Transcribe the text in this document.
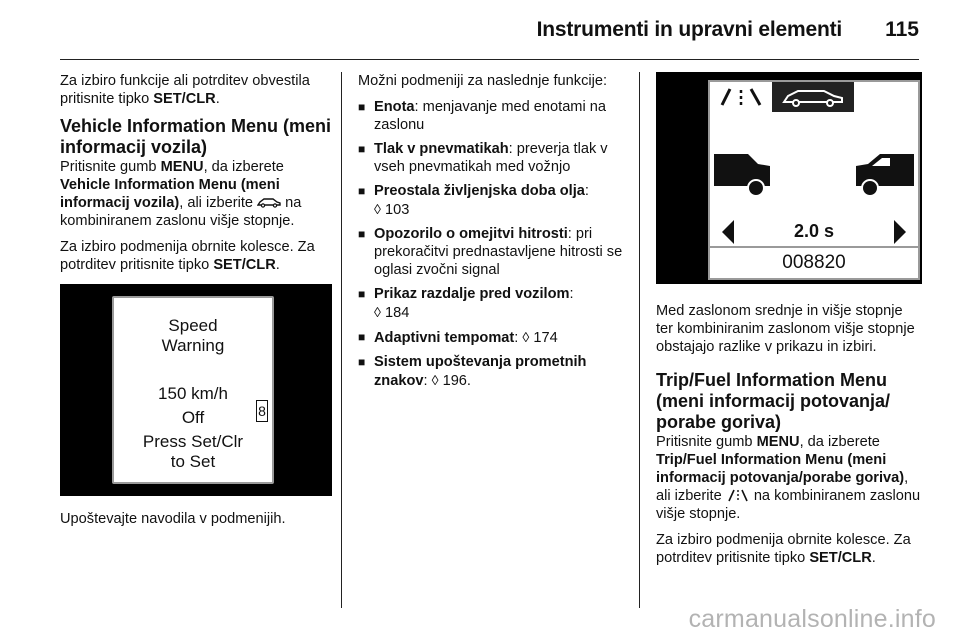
Instrumenti in upravni elementi 115

Za izbiro funkcije ali potrditev obvestila pritisnite tipko SET/CLR.

Vehicle Information Menu (meni informacij vozila)

Pritisnite gumb MENU, da izberete Vehicle Information Menu (meni informacij vozila), ali izberite  na kombiniranem zaslonu višje stopnje.

Za izbiro podmenija obrnite kolesce. Za potrditev pritisnite tipko SET/CLR.

Speed
Warning
150 km/h
Off
Press Set/Clr
to Set
8

Upoštevajte navodila v podmenijih.

Možni podmeniji za naslednje funkcije:

■ Enota: menjavanje med enotami na zaslonu
■ Tlak v pnevmatikah: preverja tlak v vseh pnevmatikah med vožnjo
■ Preostala življenjska doba olja:
◊ 103
■ Opozorilo o omejitvi hitrosti: pri prekoračitvi prednastavljene hitrosti se oglasi zvočni signal
■ Prikaz razdalje pred vozilom:
◊ 184
■ Adaptivni tempomat: ◊ 174
■ Sistem upoštevanja prometnih znakov: ◊ 196.
2.0 s
008820

Med zaslonom srednje in višje stopnje ter kombiniranim zaslonom višje stopnje obstajajo razlike v prikazu in izbiri.

Trip/Fuel Information Menu (meni informacij potovanja/ porabe goriva)

Pritisnite gumb MENU, da izberete Trip/Fuel Information Menu (meni informacij potovanja/porabe goriva), ali izberite  na kombiniranem zaslonu višje stopnje.

Za izbiro podmenija obrnite kolesce. Za potrditev pritisnite tipko SET/CLR.

carmanualsonline.info
